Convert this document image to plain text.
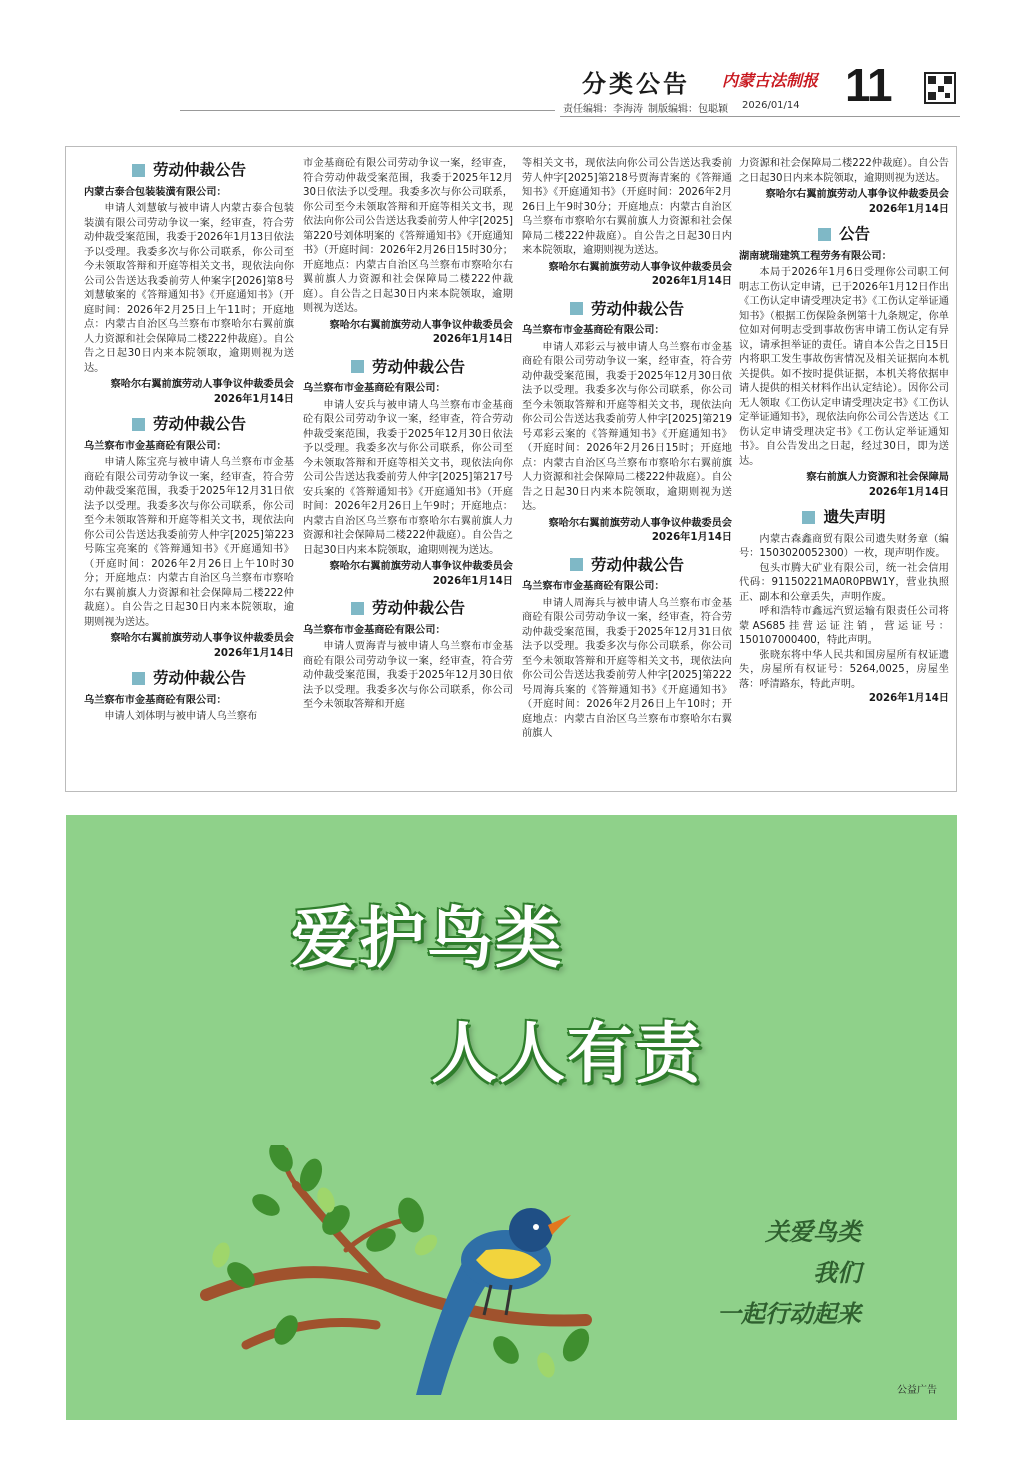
分类公告 内蒙古法制报 11
责任编辑：李海涛 制版编辑：包聪颖 2026/01/14
劳动仲裁公告
内蒙古泰合包装装潢有限公司：
申请人刘慧敏与被申请人内蒙古泰合包装装潢有限公司劳动争议一案，经审查，符合劳动仲裁受案范围，我委于2026年1月13日依法予以受理。我委多次与你公司联系，你公司至今未领取答辩和开庭等相关文书，现依法向你公司公告送达我委前劳人仲案字[2026]第8号刘慧敏案的《答辩通知书》《开庭通知书》（开庭时间：2026年2月25日上午11时；开庭地点：内蒙古自治区乌兰察布市察哈尔右翼前旗人力资源和社会保障局二楼222仲裁庭）。自公告之日起30日内来本院领取，逾期则视为送达。
察哈尔右翼前旗劳动人事争议仲裁委员会
2026年1月14日
劳动仲裁公告
乌兰察布市金基商砼有限公司：
申请人陈宝亮与被申请人乌兰察布市金基商砼有限公司劳动争议一案，经审查，符合劳动仲裁受案范围，我委于2025年12月31日依法予以受理。我委多次与你公司联系，你公司至今未领取答辩和开庭等相关文书，现依法向你公司公告送达我委前劳人仲字[2025]第223号陈宝亮案的《答辩通知书》《开庭通知书》（开庭时间：2026年2月26日上午10时30分；开庭地点：内蒙古自治区乌兰察布市察哈尔右翼前旗人力资源和社会保障局二楼222仲裁庭）。自公告之日起30日内来本院领取，逾期则视为送达。
察哈尔右翼前旗劳动人事争议仲裁委员会
2026年1月14日
劳动仲裁公告
乌兰察布市金基商砼有限公司：
申请人刘体明与被申请人乌兰察布
市金基商砼有限公司劳动争议一案，经审查，符合劳动仲裁受案范围，我委于2025年12月30日依法予以受理。我委多次与你公司联系，你公司至今未领取答辩和开庭等相关文书，现依法向你公司公告送达我委前劳人仲字[2025]第220号刘体明案的《答辩通知书》《开庭通知书》（开庭时间：2026年2月26日15时30分；开庭地点：内蒙古自治区乌兰察布市察哈尔右翼前旗人力资源和社会保障局二楼222仲裁庭）。自公告之日起30日内来本院领取，逾期则视为送达。
察哈尔右翼前旗劳动人事争议仲裁委员会
2026年1月14日
劳动仲裁公告
乌兰察布市金基商砼有限公司：
申请人安兵与被申请人乌兰察布市金基商砼有限公司劳动争议一案，经审查，符合劳动仲裁受案范围，我委于2025年12月30日依法予以受理。我委多次与你公司联系，你公司至今未领取答辩和开庭等相关文书，现依法向你公司公告送达我委前劳人仲字[2025]第217号安兵案的《答辩通知书》《开庭通知书》（开庭时间：2026年2月26日上午9时；开庭地点：内蒙古自治区乌兰察布市察哈尔右翼前旗人力资源和社会保障局二楼222仲裁庭）。自公告之日起30日内来本院领取，逾期则视为送达。
察哈尔右翼前旗劳动人事争议仲裁委员会
2026年1月14日
劳动仲裁公告
乌兰察布市金基商砼有限公司：
申请人贾海青与被申请人乌兰察布市金基商砼有限公司劳动争议一案，经审查，符合劳动仲裁受案范围，我委于2025年12月30日依法予以受理。我委多次与你公司联系，你公司至今未领取答辩和开庭
等相关文书，现依法向你公司公告送达我委前劳人仲字[2025]第218号贾海青案的《答辩通知书》《开庭通知书》（开庭时间：2026年2月26日上午9时30分；开庭地点：内蒙古自治区乌兰察布市察哈尔右翼前旗人力资源和社会保障局二楼222仲裁庭）。自公告之日起30日内来本院领取，逾期则视为送达。
察哈尔右翼前旗劳动人事争议仲裁委员会
2026年1月14日
劳动仲裁公告
乌兰察布市金基商砼有限公司：
申请人邓彩云与被申请人乌兰察布市金基商砼有限公司劳动争议一案，经审查，符合劳动仲裁受案范围，我委于2025年12月30日依法予以受理。我委多次与你公司联系，你公司至今未领取答辩和开庭等相关文书，现依法向你公司公告送达我委前劳人仲字[2025]第219号邓彩云案的《答辩通知书》《开庭通知书》（开庭时间：2026年2月26日15时；开庭地点：内蒙古自治区乌兰察布市察哈尔右翼前旗人力资源和社会保障局二楼222仲裁庭）。自公告之日起30日内来本院领取，逾期则视为送达。
察哈尔右翼前旗劳动人事争议仲裁委员会
2026年1月14日
劳动仲裁公告
乌兰察布市金基商砼有限公司：
申请人周海兵与被申请人乌兰察布市金基商砼有限公司劳动争议一案，经审查，符合劳动仲裁受案范围，我委于2025年12月31日依法予以受理。我委多次与你公司联系，你公司至今未领取答辩和开庭等相关文书，现依法向你公司公告送达我委前劳人仲字[2025]第222号周海兵案的《答辩通知书》《开庭通知书》（开庭时间：2026年2月26日上午10时；开庭地点：内蒙古自治区乌兰察布市察哈尔右翼前旗人
力资源和社会保障局二楼222仲裁庭）。自公告之日起30日内来本院领取，逾期则视为送达。
察哈尔右翼前旗劳动人事争议仲裁委员会
2026年1月14日
公告
湖南琥瑞建筑工程劳务有限公司：
本局于2026年1月6日受理你公司职工何明志工伤认定申请，已于2026年1月12日作出《工伤认定申请受理决定书》《工伤认定举证通知书》（根据工伤保险条例第十九条规定，你单位如对何明志受到事故伤害申请工伤认定有异议，请承担举证的责任。请自本公告之日15日内将职工发生事故伤害情况及相关证据向本机关提供。如不按时提供证据，本机关将依据申请人提供的相关材料作出认定结论）。因你公司无人领取《工伤认定申请受理决定书》《工伤认定举证通知书》，现依法向你公司公告送达《工伤认定申请受理决定书》《工伤认定举证通知书》。自公告发出之日起，经过30日，即为送达。
察右前旗人力资源和社会保障局
2026年1月14日
遗失声明
内蒙古森鑫商贸有限公司遗失财务章（编号：1503020052300）一枚，现声明作废。
包头市腾大矿业有限公司，统一社会信用代码：91150221MA0R0PBW1Y，营业执照正、副本和公章丢失，声明作废。
呼和浩特市鑫远汽贸运输有限责任公司将蒙AS685挂营运证注销，营运证号：150107000400，特此声明。
张晓东将中华人民共和国房屋所有权证遗失，房屋所有权证号：5264,0025，房屋坐落：呼清路东，特此声明。
2026年1月14日
爱护鸟类
人人有责
关爱鸟类
我们
一起行动起来
公益广告
